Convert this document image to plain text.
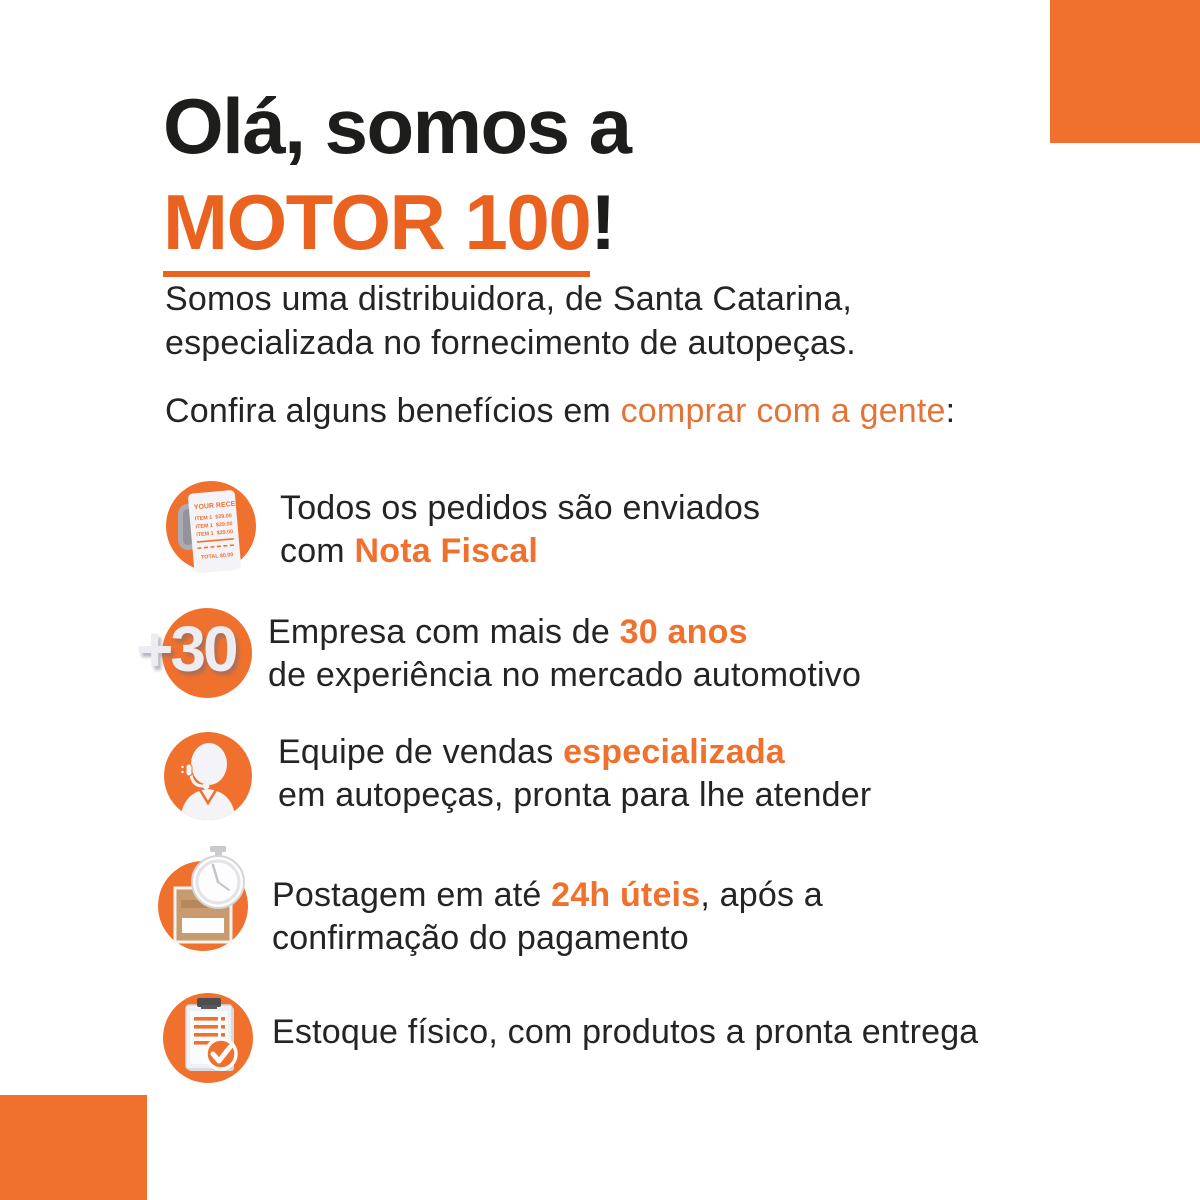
Olá, somos a
MOTOR 100!
Somos uma distribuidora, de Santa Catarina,
especializada no fornecimento de autopeças.
Confira alguns benefícios em comprar com a gente:
YOUR RECEIPT
ITEM 1 $29.00
ITEM 1 $29.00
ITEM 1 $29.00
TOTAL $0.00
Todos os pedidos são enviados
com Nota Fiscal
+30 Empresa com mais de 30 anos
de experiência no mercado automotivo
Equipe de vendas especializada
em autopeças, pronta para lhe atender
Postagem em até 24h úteis, após a
confirmação do pagamento
Estoque físico, com produtos a pronta entrega
